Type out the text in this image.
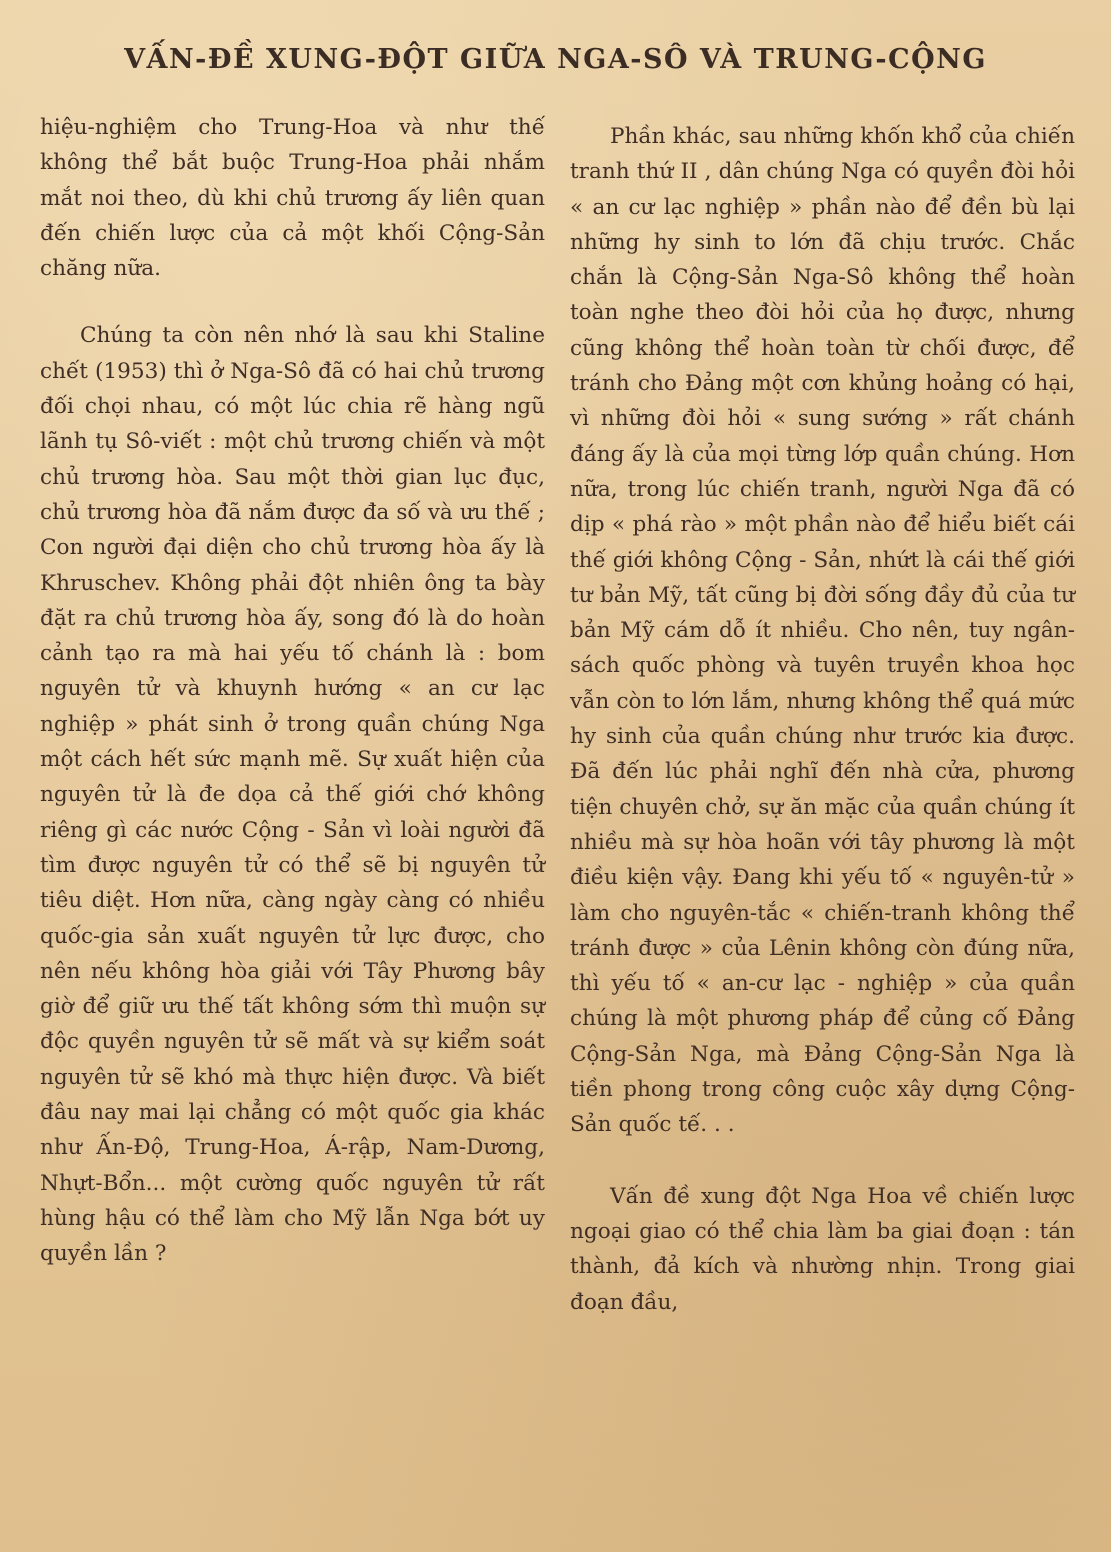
VẤN-ĐỀ XUNG-ĐỘT GIỮA NGA-SÔ VÀ TRUNG-CỘNG

hiệu-nghiệm cho Trung-Hoa và như thế không thể bắt buộc Trung-Hoa phải nhắm mắt noi theo, dù khi chủ trương ấy liên quan đến chiến lược của cả một khối Cộng-Sản chăng nữa.

Chúng ta còn nên nhớ là sau khi Staline chết (1953) thì ở Nga-Sô đã có hai chủ trương đối chọi nhau, có một lúc chia rẽ hàng ngũ lãnh tụ Sô-viết : một chủ trương chiến và một chủ trương hòa. Sau một thời gian lục đục, chủ trương hòa đã nắm được đa số và ưu thế ; Con người đại diện cho chủ trương hòa ấy là Khruschev. Không phải đột nhiên ông ta bày đặt ra chủ trương hòa ấy, song đó là do hoàn cảnh tạo ra mà hai yếu tố chánh là : bom nguyên tử và khuynh hướng « an cư lạc nghiệp » phát sinh ở trong quần chúng Nga một cách hết sức mạnh mẽ. Sự xuất hiện của nguyên tử là đe dọa cả thế giới chớ không riêng gì các nước Cộng - Sản vì loài người đã tìm được nguyên tử có thể sẽ bị nguyên tử tiêu diệt. Hơn nữa, càng ngày càng có nhiều quốc-gia sản xuất nguyên tử lực được, cho nên nếu không hòa giải với Tây Phương bây giờ để giữ ưu thế tất không sớm thì muộn sự độc quyền nguyên tử sẽ mất và sự kiểm soát nguyên tử sẽ khó mà thực hiện được. Và biết đâu nay mai lại chẳng có một quốc gia khác như Ấn-Độ, Trung-Hoa, Á-rập, Nam-Dương, Nhựt-Bổn... một cường quốc nguyên tử rất hùng hậu có thể làm cho Mỹ lẫn Nga bớt uy quyền lần ?

Phần khác, sau những khốn khổ của chiến tranh thứ II , dân chúng Nga có quyền đòi hỏi « an cư lạc nghiệp » phần nào để đền bù lại những hy sinh to lớn đã chịu trước. Chắc chắn là Cộng-Sản Nga-Sô không thể hoàn toàn nghe theo đòi hỏi của họ được, nhưng cũng không thể hoàn toàn từ chối được, để tránh cho Đảng một cơn khủng hoảng có hại, vì những đòi hỏi « sung sướng » rất chánh đáng ấy là của mọi từng lớp quần chúng. Hơn nữa, trong lúc chiến tranh, người Nga đã có dịp « phá rào » một phần nào để hiểu biết cái thế giới không Cộng - Sản, nhứt là cái thế giới tư bản Mỹ, tất cũng bị đời sống đầy đủ của tư bản Mỹ cám dỗ ít nhiều. Cho nên, tuy ngân-sách quốc phòng và tuyên truyền khoa học vẫn còn to lớn lắm, nhưng không thể quá mức hy sinh của quần chúng như trước kia được. Đã đến lúc phải nghĩ đến nhà cửa, phương tiện chuyên chở, sự ăn mặc của quần chúng ít nhiều mà sự hòa hoãn với tây phương là một điều kiện vậy. Đang khi yếu tố « nguyên-tử » làm cho nguyên-tắc « chiến-tranh không thể tránh được » của Lênin không còn đúng nữa, thì yếu tố « an-cư lạc - nghiệp » của quần chúng là một phương pháp để củng cố Đảng Cộng-Sản Nga, mà Đảng Cộng-Sản Nga là tiền phong trong công cuộc xây dựng Cộng-Sản quốc tế. . .

Vấn đề xung đột Nga Hoa về chiến lược ngoại giao có thể chia làm ba giai đoạn : tán thành, đả kích và nhường nhịn. Trong giai đoạn đầu,
